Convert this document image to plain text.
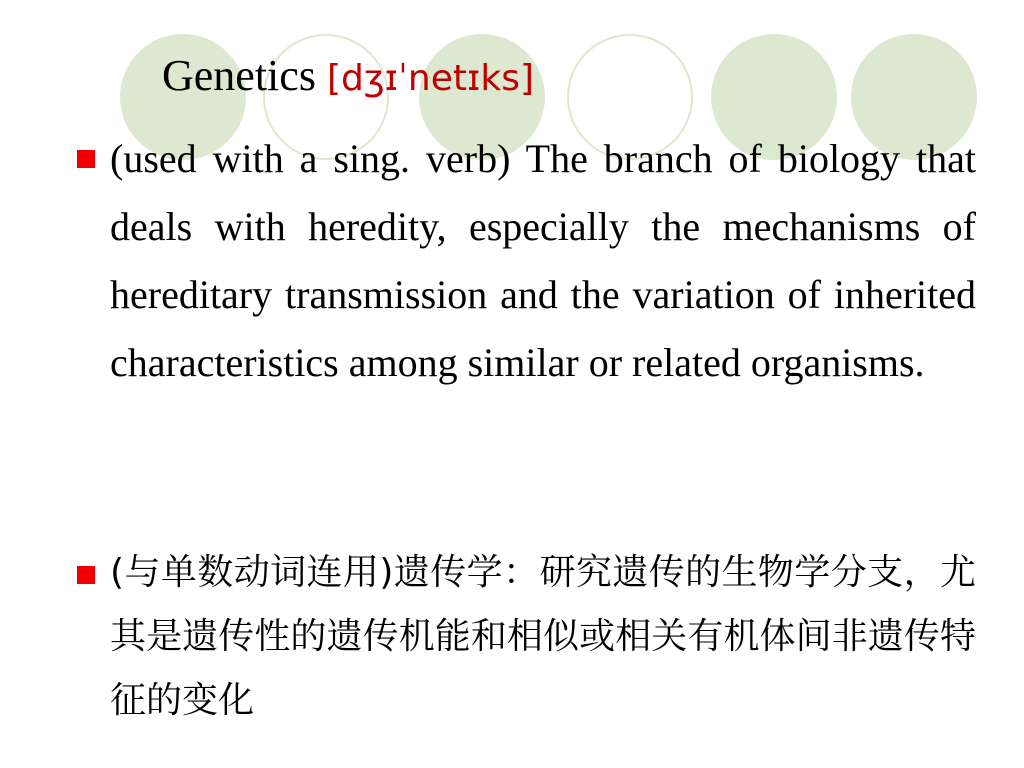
Genetics [dʒɪˈnetɪks]
(used with a sing. verb) The branch of biology that deals with heredity, especially the mechanisms of hereditary transmission and the variation of inherited characteristics among similar or related organisms.
(与单数动词连用)遗传学：研究遗传的生物学分支，尤其是遗传性的遗传机能和相似或相关有机体间非遗传特征的变化
